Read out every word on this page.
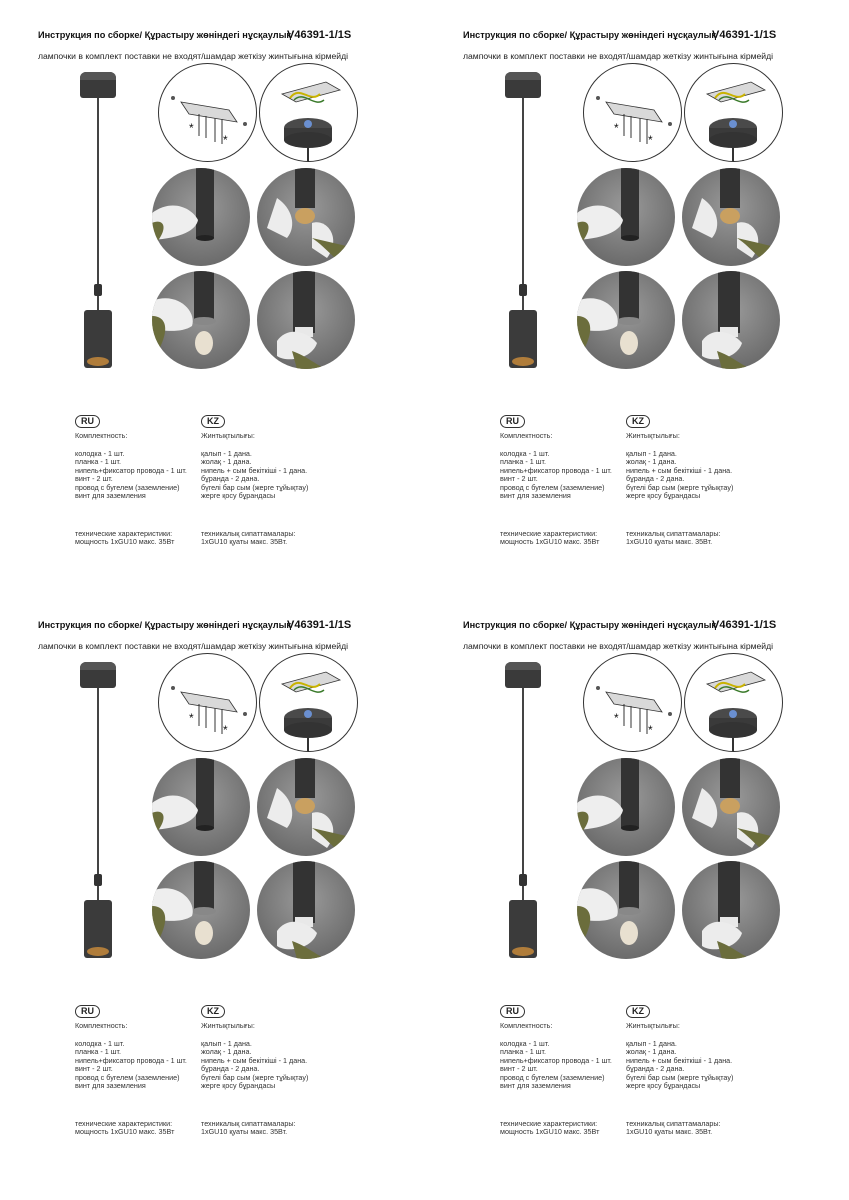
Инструкция по сборке/ Құрастыру жөніндегі нұсқаулық
V46391-1/1S
лампочки в комплект поставки не входят/шамдар жеткізу жинтығына кірмейді
*
*
RU	KZ
Комплектность:	Жинтықтылығы:
колодка - 1 шт.
планка - 1 шт.
нипель+фиксатор провода - 1 шт.
винт - 2 шт.
провод с бугелем (заземление)
винт для заземления
қалып - 1 дана.
жолақ - 1 дана.
нипель + сым бекіткіші - 1 дана.
бұранда - 2 дана.
бүгелі бар сым (жерге тұйықтау)
жерге қосу бұрандасы
технические характеристики:
мощность 1xGU10 макс. 35Вт
техникалық сипаттамалары:
1xGU10 қуаты макс. 35Вт.
Инструкция по сборке/ Құрастыру жөніндегі нұсқаулық
V46391-1/1S
лампочки в комплект поставки не входят/шамдар жеткізу жинтығына кірмейді
*
*
RU	KZ
Комплектность:	Жинтықтылығы:
колодка - 1 шт.
планка - 1 шт.
нипель+фиксатор провода - 1 шт.
винт - 2 шт.
провод с бугелем (заземление)
винт для заземления
қалып - 1 дана.
жолақ - 1 дана.
нипель + сым бекіткіші - 1 дана.
бұранда - 2 дана.
бүгелі бар сым (жерге тұйықтау)
жерге қосу бұрандасы
технические характеристики:
мощность 1xGU10 макс. 35Вт
техникалық сипаттамалары:
1xGU10 қуаты макс. 35Вт.
Инструкция по сборке/ Құрастыру жөніндегі нұсқаулық
V46391-1/1S
лампочки в комплект поставки не входят/шамдар жеткізу жинтығына кірмейді
*
*
RU	KZ
Комплектность:	Жинтықтылығы:
колодка - 1 шт.
планка - 1 шт.
нипель+фиксатор провода - 1 шт.
винт - 2 шт.
провод с бугелем (заземление)
винт для заземления
қалып - 1 дана.
жолақ - 1 дана.
нипель + сым бекіткіші - 1 дана.
бұранда - 2 дана.
бүгелі бар сым (жерге тұйықтау)
жерге қосу бұрандасы
технические характеристики:
мощность 1xGU10 макс. 35Вт
техникалық сипаттамалары:
1xGU10 қуаты макс. 35Вт.
Инструкция по сборке/ Құрастыру жөніндегі нұсқаулық
V46391-1/1S
лампочки в комплект поставки не входят/шамдар жеткізу жинтығына кірмейді
*
*
RU	KZ
Комплектность:	Жинтықтылығы:
колодка - 1 шт.
планка - 1 шт.
нипель+фиксатор провода - 1 шт.
винт - 2 шт.
провод с бугелем (заземление)
винт для заземления
қалып - 1 дана.
жолақ - 1 дана.
нипель + сым бекіткіші - 1 дана.
бұранда - 2 дана.
бүгелі бар сым (жерге тұйықтау)
жерге қосу бұрандасы
технические характеристики:
мощность 1xGU10 макс. 35Вт
техникалық сипаттамалары:
1xGU10 қуаты макс. 35Вт.
